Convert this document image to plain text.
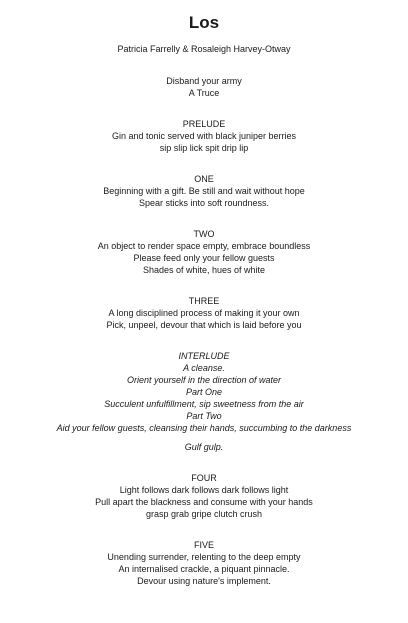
Los
Patricia Farrelly & Rosaleigh Harvey-Otway
Disband your army
A Truce
PRELUDE
Gin and tonic served with black juniper berries
sip slip lick spit drip lip
ONE
Beginning with a gift. Be still and wait without hope
Spear sticks into soft roundness.
TWO
An object to render space empty, embrace boundless
Please feed only your fellow guests
Shades of white, hues of white
THREE
A long disciplined process of making it your own
Pick, unpeel, devour that which is laid before you
INTERLUDE
A cleanse.
Orient yourself in the direction of water
Part One
Succulent unfulfillment, sip sweetness from the air
Part Two
Aid your fellow guests, cleansing their hands, succumbing to the darkness
Gulf gulp.
FOUR
Light follows dark follows dark follows light
Pull apart the blackness and consume with your hands
grasp grab gripe clutch crush
FIVE
Unending surrender, relenting to the deep empty
An internalised crackle, a piquant pinnacle.
Devour using nature's implement.
